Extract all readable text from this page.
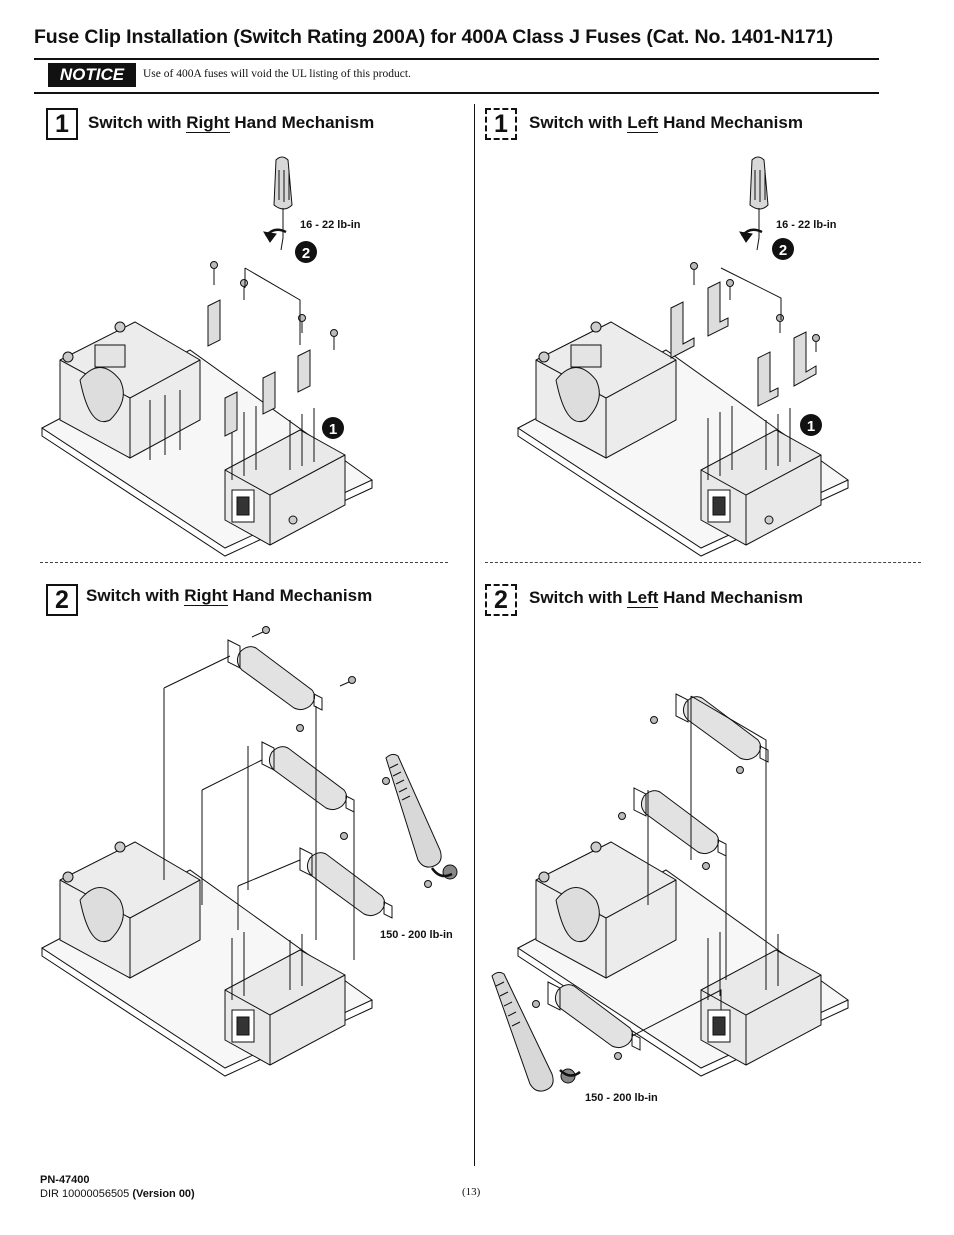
Fuse Clip Installation (Switch Rating 200A) for 400A Class J Fuses (Cat. No. 1401-N171)
NOTICE	Use of 400A fuses will void the UL listing of this product.
1	Switch with Right Hand Mechanism	1	Switch with Left Hand Mechanism
2	Switch with Right Hand Mechanism	2	Switch with Left Hand Mechanism
16 - 22 lb-in	16 - 22 lb-in
150 - 200 lb-in
150 - 200 lb-in
2
1
2
1
PN-47400
DIR 10000056505 (Version 00)	(13)
